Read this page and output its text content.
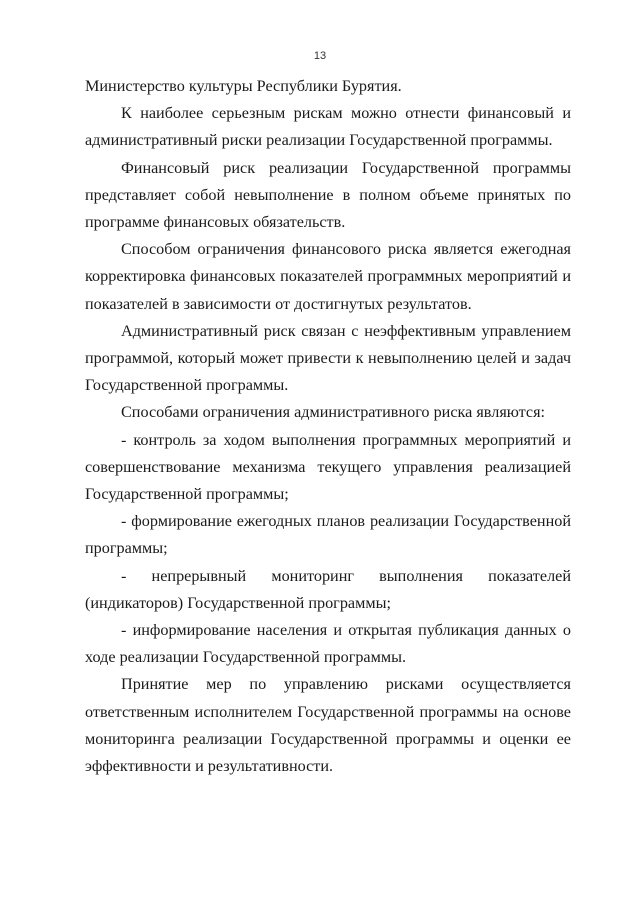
13

Министерство культуры Республики Бурятия.

К наиболее серьезным рискам можно отнести финансовый и административный риски реализации Государственной программы.

Финансовый риск реализации Государственной программы представляет собой невыполнение в полном объеме принятых по программе финансовых обязательств.

Способом ограничения финансового риска является ежегодная корректировка финансовых показателей программных мероприятий и показателей в зависимости от достигнутых результатов.

Административный риск связан с неэффективным управлением программой, который может привести к невыполнению целей и задач Государственной программы.

Способами ограничения административного риска являются:

- контроль за ходом выполнения программных мероприятий и совершенствование механизма текущего управления реализацией Государственной программы;

- формирование ежегодных планов реализации Государственной программы;

- непрерывный мониторинг выполнения показателей (индикаторов) Государственной программы;

- информирование населения и открытая публикация данных о ходе реализации Государственной программы.

Принятие мер по управлению рисками осуществляется ответственным исполнителем Государственной программы на основе мониторинга реализации Государственной программы и оценки ее эффективности и результативности.
